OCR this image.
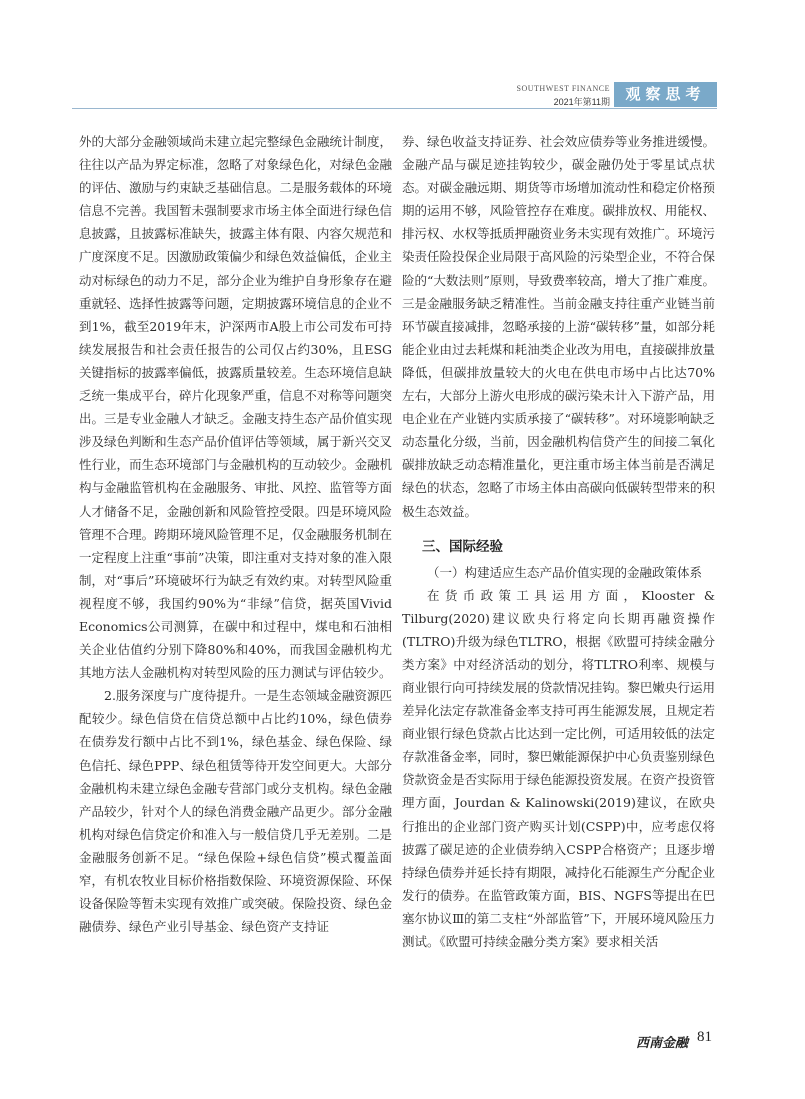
SOUTHWEST FINANCE
2021年第11期	观察思考

外的大部分金融领域尚未建立起完整绿色金融统计制度，往往以产品为界定标准，忽略了对象绿色化，对绿色金融的评估、激励与约束缺乏基础信息。二是服务载体的环境信息不完善。我国暂未强制要求市场主体全面进行绿色信息披露，且披露标准缺失，披露主体有限、内容欠规范和广度深度不足。因激励政策偏少和绿色效益偏低，企业主动对标绿色的动力不足，部分企业为维护自身形象存在避重就轻、选择性披露等问题，定期披露环境信息的企业不到1%，截至2019年末，沪深两市A股上市公司发布可持续发展报告和社会责任报告的公司仅占约30%，且ESG关键指标的披露率偏低，披露质量较差。生态环境信息缺乏统一集成平台，碎片化现象严重，信息不对称等问题突出。三是专业金融人才缺乏。金融支持生态产品价值实现涉及绿色判断和生态产品价值评估等领域，属于新兴交叉性行业，而生态环境部门与金融机构的互动较少。金融机构与金融监管机构在金融服务、审批、风控、监管等方面人才储备不足，金融创新和风险管控受限。四是环境风险管理不合理。跨期环境风险管理不足，仅金融服务机制在一定程度上注重“事前”决策，即注重对支持对象的准入限制，对“事后”环境破坏行为缺乏有效约束。对转型风险重视程度不够，我国约90%为“非绿”信贷，据英国Vivid Economics公司测算，在碳中和过程中，煤电和石油相关企业估值约分别下降80%和40%，而我国金融机构尤其地方法人金融机构对转型风险的压力测试与评估较少。

2.服务深度与广度待提升。一是生态领域金融资源匹配较少。绿色信贷在信贷总额中占比约10%，绿色债券在债券发行额中占比不到1%，绿色基金、绿色保险、绿色信托、绿色PPP、绿色租赁等待开发空间更大。大部分金融机构未建立绿色金融专营部门或分支机构。绿色金融产品较少，针对个人的绿色消费金融产品更少。部分金融机构对绿色信贷定价和准入与一般信贷几乎无差别。二是金融服务创新不足。“绿色保险+绿色信贷”模式覆盖面窄，有机农牧业目标价格指数保险、环境资源保险、环保设备保险等暂未实现有效推广或突破。保险投资、绿色金融债券、绿色产业引导基金、绿色资产支持证

券、绿色收益支持证券、社会效应债券等业务推进缓慢。金融产品与碳足迹挂钩较少，碳金融仍处于零星试点状态。对碳金融远期、期货等市场增加流动性和稳定价格预期的运用不够，风险管控存在难度。碳排放权、用能权、排污权、水权等抵质押融资业务未实现有效推广。环境污染责任险投保企业局限于高风险的污染型企业，不符合保险的“大数法则”原则，导致费率较高，增大了推广难度。三是金融服务缺乏精准性。当前金融支持往重产业链当前环节碳直接减排，忽略承接的上游“碳转移”量，如部分耗能企业由过去耗煤和耗油类企业改为用电，直接碳排放量降低，但碳排放量较大的火电在供电市场中占比达70%左右，大部分上游火电形成的碳污染未计入下游产品，用电企业在产业链内实质承接了“碳转移”。对环境影响缺乏动态量化分级，当前，因金融机构信贷产生的间接二氧化碳排放缺乏动态精准量化，更注重市场主体当前是否满足绿色的状态，忽略了市场主体由高碳向低碳转型带来的积极生态效益。

三、国际经验
（一）构建适应生态产品价值实现的金融政策体系

在货币政策工具运用方面，Klooster & Tilburg(2020)建议欧央行将定向长期再融资操作(TLTRO)升级为绿色TLTRO，根据《欧盟可持续金融分类方案》中对经济活动的划分，将TLTRO利率、规模与商业银行向可持续发展的贷款情况挂钩。黎巴嫩央行运用差异化法定存款准备金率支持可再生能源发展，且规定若商业银行绿色贷款占比达到一定比例，可适用较低的法定存款准备金率，同时，黎巴嫩能源保护中心负责鉴别绿色贷款资金是否实际用于绿色能源投资发展。在资产投资管理方面，Jourdan & Kalinowski(2019)建议，在欧央行推出的企业部门资产购买计划(CSPP)中，应考虑仅将披露了碳足迹的企业债券纳入CSPP合格资产；且逐步增持绿色债券并延长持有期限，减持化石能源生产分配企业发行的债券。在监管政策方面，BIS、NGFS等提出在巴塞尔协议Ⅲ的第二支柱“外部监管”下，开展环境风险压力测试。《欧盟可持续金融分类方案》要求相关活

西南金融 81
